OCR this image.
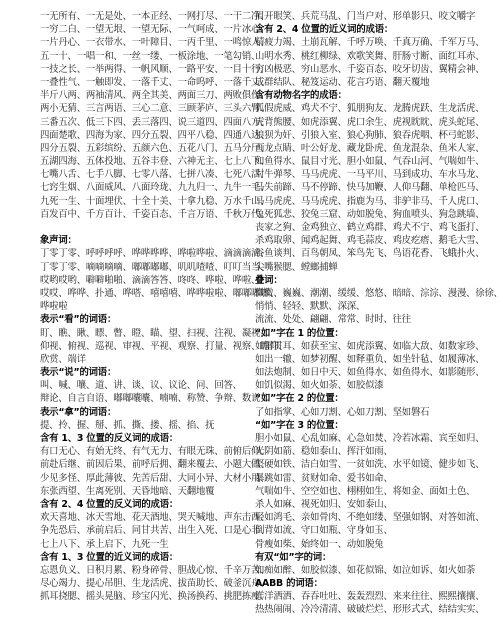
一无所有、一无是处、一本正经、一网打尽、一干二净、
一穷二白、一望无垠、一望无际、一气呵成、一片冰心、
一片丹心、一衣带水、一叶障目、一丙千里、一鸣惊人、
五一十、一唱一和、一丝一缕、一板涂地、一笔勾销、
一技之长、一举两得、一帆风顺、一路平安、一目十行、
一叠性气、一触即发、一落千丈、一命呜呼、一落千丈、
半斤八两、两袖清风、两全其美、两面三刀、两败俱伤、
两小无猜、三言两语、三心二意、三顾茅庐、三头六臂、
三番五次、低三下四、丢三落四、说三道四、四面八方、
四面楚歌、四海为家、四分五裂、四平八稳、四通八达、
四分五裂、五彩缤纷、五颜六色、五花八门、五马分尸、
五湖四海、五体投地、五谷丰登、六神无主、七上八下、
七嘴八舌、七手八脚、七零八落、七拼八凑、七死八活、
七窍生烟、八面威风、八面玲珑、九九归一、九牛一毛、
九死一生、十面埋伏、十全十美、十拿九稳、万水千山、
百发百中、千方百计、千姿百态、千言万语、千秋万代、
象声词：
丁零丁零、呼呼呼呼、哗哗哗哗、哗啦哗啦、滴滴滴滴、
丁零丁零、嘀嘀嘀嘀、嘟嘟嘟嘟、叽叽喳喳、叮叮当当、
哎哟哎哟、噼噼啪啪、滴滴答答、咚咚、哗啦、哗啦、
哎哎、哗哗、扑通、哗嗒、嘻嘻嘻、哗哗啦啦、嘟嘟嘟嘟、
哗啦啦
表示“看”的词语：
盯、瞧、瞅、瞟、瞥、瞪、瞄、望、扫视、注视、凝视、
仰视、俯视、巡视、审视、平视、观察、打量、视察、瞻仰、
欣赏、端详
表示“说”的词语：
叫、喊、嚷、道、讲、谈、议、议论、问、回答、
辩论、自言自语、嘟嘟囔囔、喃喃、称赞、争辩、数说
表示“拿”的词语：
提、拎、握、掰、抓、撕、搂、摇、掐、抚
含有 1、3 位置的反义词的成语：
有口无心、有始无终、有气无力、有眼无珠、前俯后仰、
前赴后继、前因后果、前呼后拥、翻来覆去、小题大做、
少见多怪、厚此薄彼、先苦后甜、大同小异、大材小用、
东张西望、生离死别、天昏地暗、天翻地覆
含有 2、4 位置的反义词的成语：
欢天喜地、冰天雪地、花天酒地、哭天喊地、声东击西、
争先恐后、承前启后、同甘共苦、出生入死、口是心非、
七上八下、承上启下、九死一生
含有 1、3 位置的近义词的成语：
忘恩负义、日积月累、粉身碎骨、胆战心惊、千辛万苦、
尽心竭力、提心吊胆、生龙活虎、拔苗助长、破釜沉舟、
抓耳挠腮、摇头晃脑、珍宝闪光、换汤换药、挑肥拣瘦、
眉开眼笑、兵荒马乱、门当户对、形单影只、咬文嚼字
含有 2、4 位置的近义词的成语：
精疲力竭、土崩瓦解、千呼万唤、千真万确、千军万马、
山明水秀、桃红柳绿、欢歌笑舞、肝肠寸断、面红耳赤、
穷凶极恶、穷山恶水、千姿百态、咬牙切齿、翼精会神、
成群结队、秘笈运动、花言巧语、翻天覆地
含有动物名字的成语：
狐假虎威、鸡犬不宁、狐朋狗友、龙腾虎跃、生龙活虎、
虎背熊腰、如虎添翼、虎口余生、虎视眈眈、虎头蛇尾、
狼狈为奸、引狼入室、狼心狗肺、狼吞虎咽、杯弓蛇影、
画龙点睛、叶公好龙、藏龙卧虎、鱼龙混杂、鱼米人家、
如鱼得水、鼠目寸光、胆小如鼠、气吞山河、气喘如牛、
对牛弹琴、马马虎虎、一马平川、马到成功、车水马龙、
马失前蹄、马不停蹄、快马加鞭、人仰马翻、单枪匹马、
马马虎虎、马马虎虎、指鹿为马、非驴非马、千人虎口、
兔死狐悲、狡兔三窟、动如脱兔、狗血喷头、狗急跳墙、
丧家之狗、金鸡独立、鹤立鸡群、鸡犬不宁、鸡飞蛋打、
杀鸡取卵、闻鸡起舞、鸡毛蒜皮、鸡皮疙瘩、鹅毛大雪、
谷鱼谈判、百鸟朝凤、笨鸟先飞、鸟语花香、飞蛾扑火、
尖嘴猴腮、螳螂捕蝉
叠词：
微微、巍巍、潮潮、缓缓、悠悠、暗暗、淙淙、漫漫、徐徐、
悄悄、轻轻、默默、深深、
流流、处处、翩翩、常常、时时、往往
“如”字在 1 的位置：
如雷贯耳、如获至宝、如虎添翼、如临大敌、如数家珍、
如出一辙、如梦初醒、如释重负、如坐针毡、如履薄冰、
如法炮制、如日中天、如鱼得水、如鱼得水、如影随形、
如饥似渴、如火如荼、如胶似漆
“如”字在 2 的位置：
了如指掌、心如刀割、心如刀割、坚如磐石
“如”字在 3 的位置：
胆小如鼠、心乱如麻、心急如焚、冷若冰霜、宾至如归、
光阴如箭、稳如泰山、挥汗如雨、
坚硬如铁、洁白如雪、一贫如洗、水平如镜、健步如飞、
暴跳如雷、贫财如命、爱书如命、
气喘如牛、空空如也、栩栩如生、将如金、面如土色、
杀人如麻、视死如归、安如泰山、
轻如鸿毛、亲如骨肉、不绝如缕、坚强如钢、对答如流、
倒背如流、守口如瓶、守身如玉、
骨瘦如柴、始终如一、动如脱兔
有双“如”字的词：
如痴如醉、如胶似漆、如花似锦、如泣如诉、如火如荼
AABB 的词语：
洋洋洒洒、吞吞吐吐、轰轰烈烈、来来往往、熙熙攘攘、
热热闹闹、冷冷清清、破破烂烂、形形式式、结结实实、
